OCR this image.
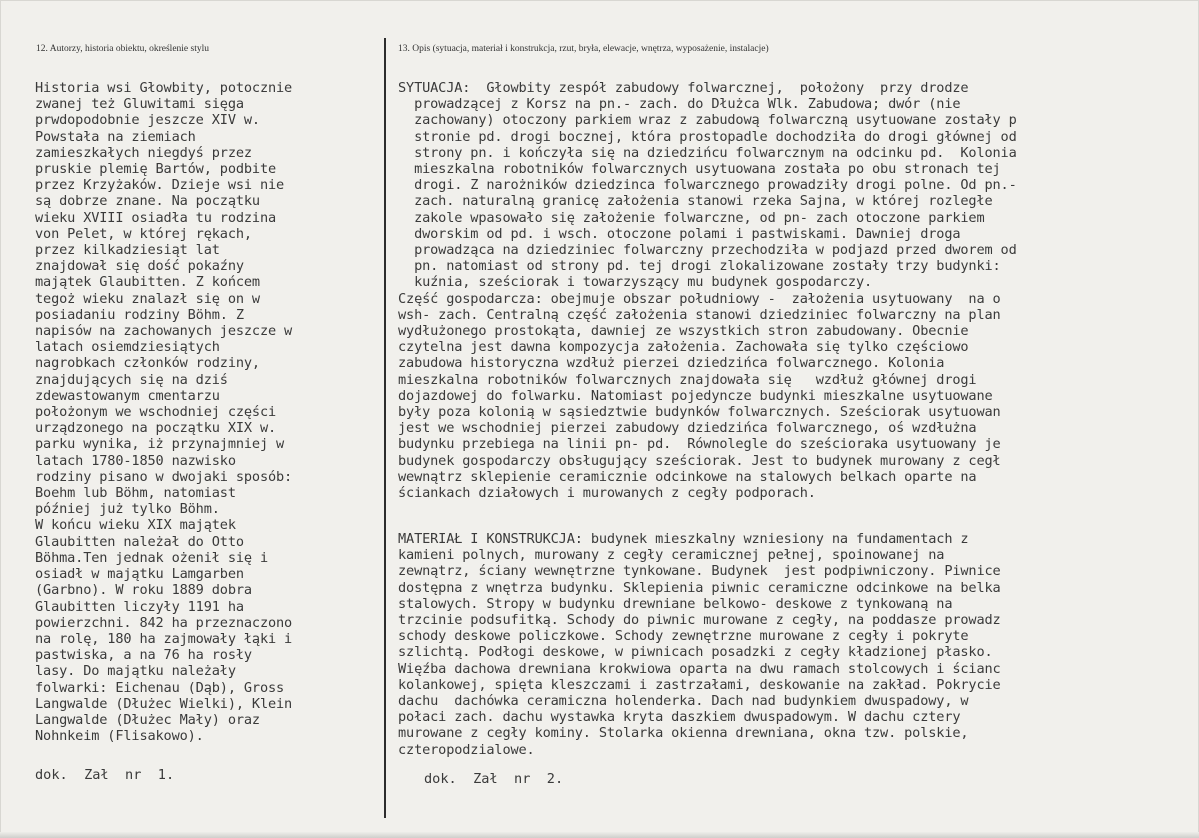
12. Autorzy, historia obiektu, określenie stylu	13. Opis (sytuacja, materiał i konstrukcja, rzut, bryła, elewacje, wnętrza, wyposażenie, instalacje)
Historia wsi Głowbity, potocznie
zwanej też Gluwitami sięga
prwdopodobnie jeszcze XIV w.
Powstała na ziemiach
zamieszkałych niegdyś przez
pruskie plemię Bartów, podbite
przez Krzyżaków. Dzieje wsi nie
są dobrze znane. Na początku
wieku XVIII osiadła tu rodzina
von Pelet, w której rękach,
przez kilkadziesiąt lat
znajdował się dość pokaźny
majątek Glaubitten. Z końcem
tegoż wieku znalazł się on w
posiadaniu rodziny Böhm. Z
napisów na zachowanych jeszcze w
latach osiemdziesiątych
nagrobkach członków rodziny,
znajdujących się na dziś
zdewastowanym cmentarzu
położonym we wschodniej części
urządzonego na początku XIX w.
parku wynika, iż przynajmniej w
latach 1780-1850 nazwisko
rodziny pisano w dwojaki sposób:
Boehm lub Böhm, natomiast
później już tylko Böhm.
W końcu wieku XIX majątek
Glaubitten należał do Otto
Böhma.Ten jednak ożenił się i
osiadł w majątku Lamgarben
(Garbno). W roku 1889 dobra
Glaubitten liczyły 1191 ha
powierzchni. 842 ha przeznaczono
na rolę, 180 ha zajmowały łąki i
pastwiska, a na 76 ha rosły
lasy. Do majątku należały
folwarki: Eichenau (Dąb), Gross
Langwalde (Dłużec Wielki), Klein
Langwalde (Dłużec Mały) oraz
Nohnkeim (Flisakowo).
dok.  Zał  nr  1.
SYTUACJA:  Głowbity zespół zabudowy folwarcznej,  położony  przy drodze
prowadzącej z Korsz na pn.- zach. do Dłużca Wlk. Zabudowa; dwór (nie
zachowany) otoczony parkiem wraz z zabudową folwarczną usytuowane zostały p
stronie pd. drogi bocznej, która prostopadle dochodziła do drogi głównej od
strony pn. i kończyła się na dziedzińcu folwarcznym na odcinku pd.  Kolonia
mieszkalna robotników folwarcznych usytuowana została po obu stronach tej
drogi. Z narożników dziedzinca folwarcznego prowadziły drogi polne. Od pn.-
zach. naturalną granicę założenia stanowi rzeka Sajna, w której rozległe
zakole wpasowało się założenie folwarczne, od pn- zach otoczone parkiem
dworskim od pd. i wsch. otoczone polami i pastwiskami. Dawniej droga
prowadząca na dziedziniec folwarczny przechodziła w podjazd przed dworem od
pn. natomiast od strony pd. tej drogi zlokalizowane zostały trzy budynki:
kuźnia, sześciorak i towarzyszący mu budynek gospodarczy.
Część gospodarcza: obejmuje obszar południowy -  założenia usytuowany  na o
wsh- zach. Centralną część założenia stanowi dziedziniec folwarczny na plan
wydłużonego prostokąta, dawniej ze wszystkich stron zabudowany. Obecnie
czytelna jest dawna kompozycja założenia. Zachowała się tylko częściowo
zabudowa historyczna wzdłuż pierzei dziedzińca folwarcznego. Kolonia
mieszkalna robotników folwarcznych znajdowała się   wzdłuż głównej drogi
dojazdowej do folwarku. Natomiast pojedyncze budynki mieszkalne usytuowane
były poza kolonią w sąsiedztwie budynków folwarcznych. Sześciorak usytuowan
jest we wschodniej pierzei zabudowy dziedzińca folwarcznego, oś wzdłużna
budynku przebiega na linii pn- pd.  Równolegle do sześcioraka usytuowany je
budynek gospodarczy obsługujący sześciorak. Jest to budynek murowany z cegł
wewnątrz sklepienie ceramicznie odcinkowe na stalowych belkach oparte na
ściankach działowych i murowanych z cegły podporach.
MATERIAŁ I KONSTRUKCJA: budynek mieszkalny wzniesiony na fundamentach z
kamieni polnych, murowany z cegły ceramicznej pełnej, spoinowanej na
zewnątrz, ściany wewnętrzne tynkowane. Budynek  jest podpiwniczony. Piwnice
dostępna z wnętrza budynku. Sklepienia piwnic ceramiczne odcinkowe na belka
stalowych. Stropy w budynku drewniane belkowo- deskowe z tynkowaną na
trzcinie podsufitką. Schody do piwnic murowane z cegły, na poddasze prowadz
schody deskowe policzkowe. Schody zewnętrzne murowane z cegły i pokryte
szlichtą. Podłogi deskowe, w piwnicach posadzki z cegły kładzionej płasko.
Więźba dachowa drewniana krokwiowa oparta na dwu ramach stolcowych i ścianc
kolankowej, spięta kleszczami i zastrzałami, deskowanie na zakład. Pokrycie
dachu  dachówka ceramiczna holenderka. Dach nad budynkiem dwuspadowy, w
połaci zach. dachu wystawka kryta daszkiem dwuspadowym. W dachu cztery
murowane z cegły kominy. Stolarka okienna drewniana, okna tzw. polskie,
czteropodzialowe.
dok.  Zał  nr  2.
